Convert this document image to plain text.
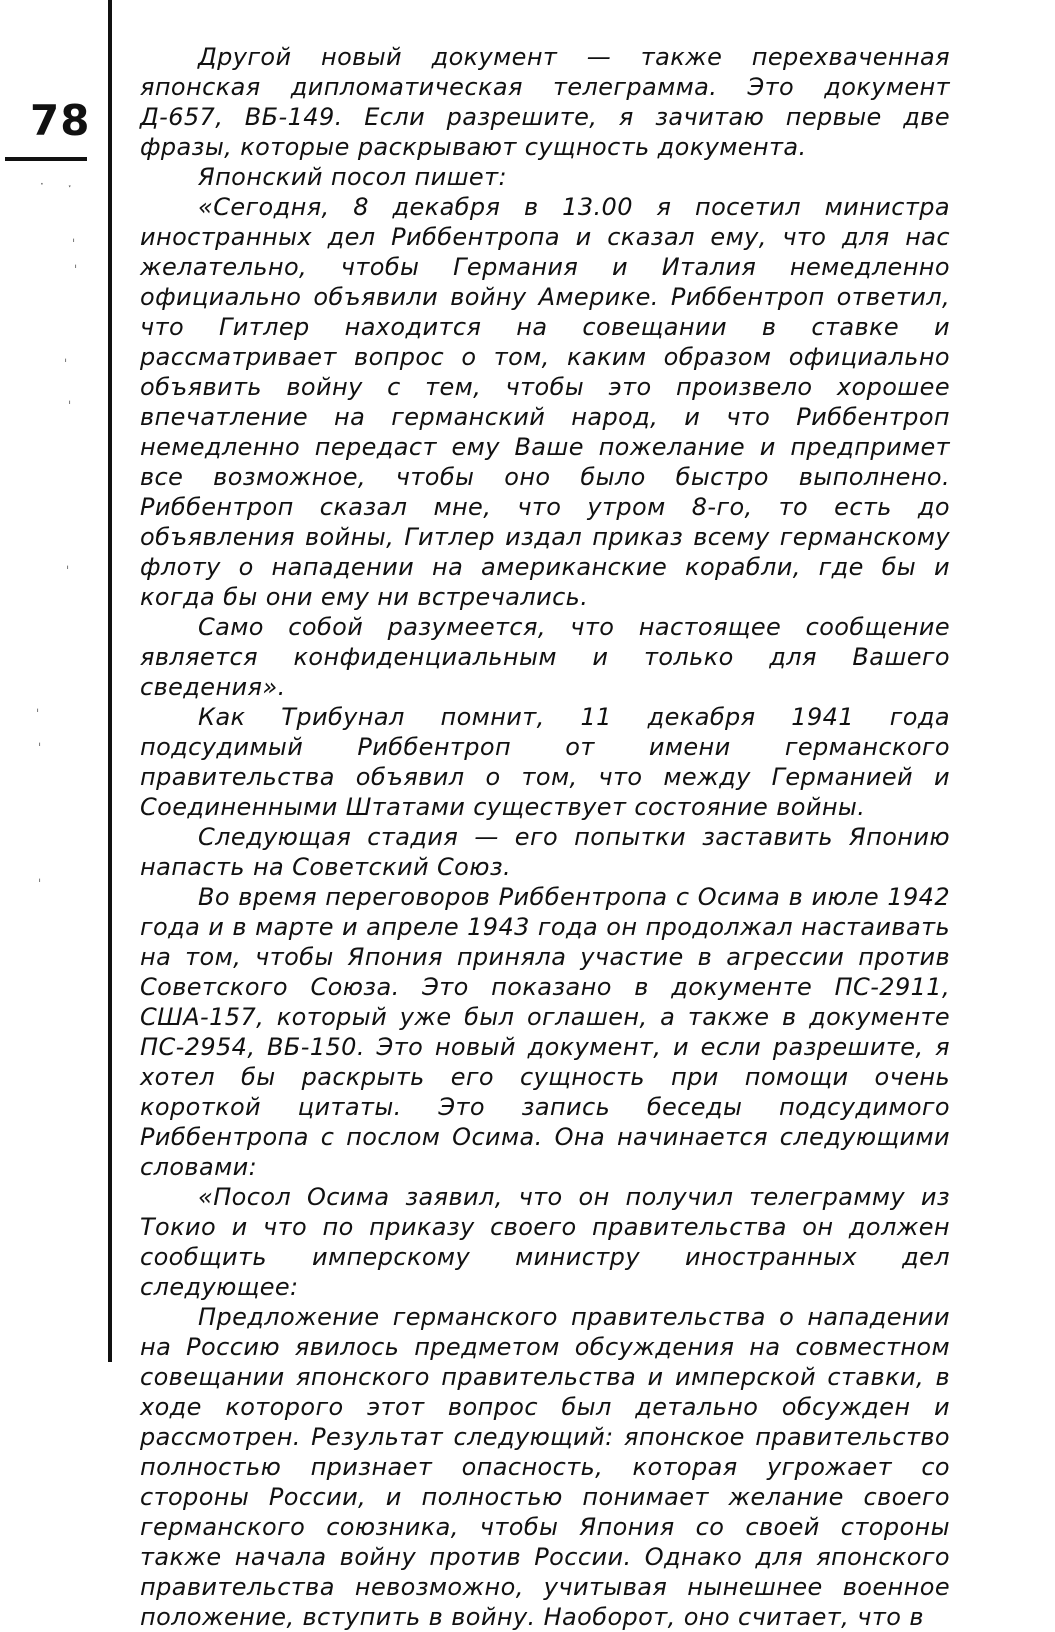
78
· ˑ
ˌ
ˈ
ˌ
ˈ
ˈ
ˌ
ˈ
ˌ

Другой новый документ — также перехваченная японская дипломатическая телеграмма. Это документ Д-657, ВБ-149. Если разрешите, я зачитаю первые две фразы, которые раскрывают сущность документа.

Японский посол пишет:

«Сегодня, 8 декабря в 13.00 я посетил министра иностранных дел Риббентропа и сказал ему, что для нас желательно, чтобы Германия и Италия немедленно официально объявили войну Америке. Риббентроп ответил, что Гитлер находится на совещании в ставке и рассматривает вопрос о том, каким образом официально объявить войну с тем, чтобы это произвело хорошее впечатление на германский народ, и что Риббентроп немедленно передаст ему Ваше пожелание и предпримет все возможное, чтобы оно было быстро выполнено. Риббентроп сказал мне, что утром 8-го, то есть до объявления войны, Гитлер издал приказ всему германскому флоту о нападении на американские корабли, где бы и когда бы они ему ни встречались.

Само собой разумеется, что настоящее сообщение является конфиденциальным и только для Вашего сведения».

Как Трибунал помнит, 11 декабря 1941 года подсудимый Риббентроп от имени германского правительства объявил о том, что между Германией и Соединенными Штатами существует состояние войны.

Следующая стадия — его попытки заставить Японию напасть на Советский Союз.

Во время переговоров Риббентропа с Осима в июле 1942 года и в марте и апреле 1943 года он продолжал настаивать на том, чтобы Япония приняла участие в агрессии против Советского Союза. Это показано в документе ПС-2911, США-157, который уже был оглашен, а также в документе ПС-2954, ВБ-150. Это новый документ, и если разрешите, я хотел бы раскрыть его сущность при помощи очень короткой цитаты. Это запись беседы подсудимого Риббентропа с послом Осима. Она начинается следующими словами:

«Посол Осима заявил, что он получил телеграмму из Токио и что по приказу своего правительства он должен сообщить имперскому министру иностранных дел следующее:

Предложение германского правительства о нападении на Россию явилось предметом обсуждения на совместном совещании японского правительства и имперской ставки, в ходе которого этот вопрос был детально обсужден и рассмотрен. Результат следующий: японское правительство полностью признает опасность, которая угрожает со стороны России, и полностью понимает желание своего германского союзника, чтобы Япония со своей стороны также начала войну против России. Однако для японского правительства невозможно, учитывая нынешнее военное положение, вступить в войну. Наоборот, оно считает, что в
